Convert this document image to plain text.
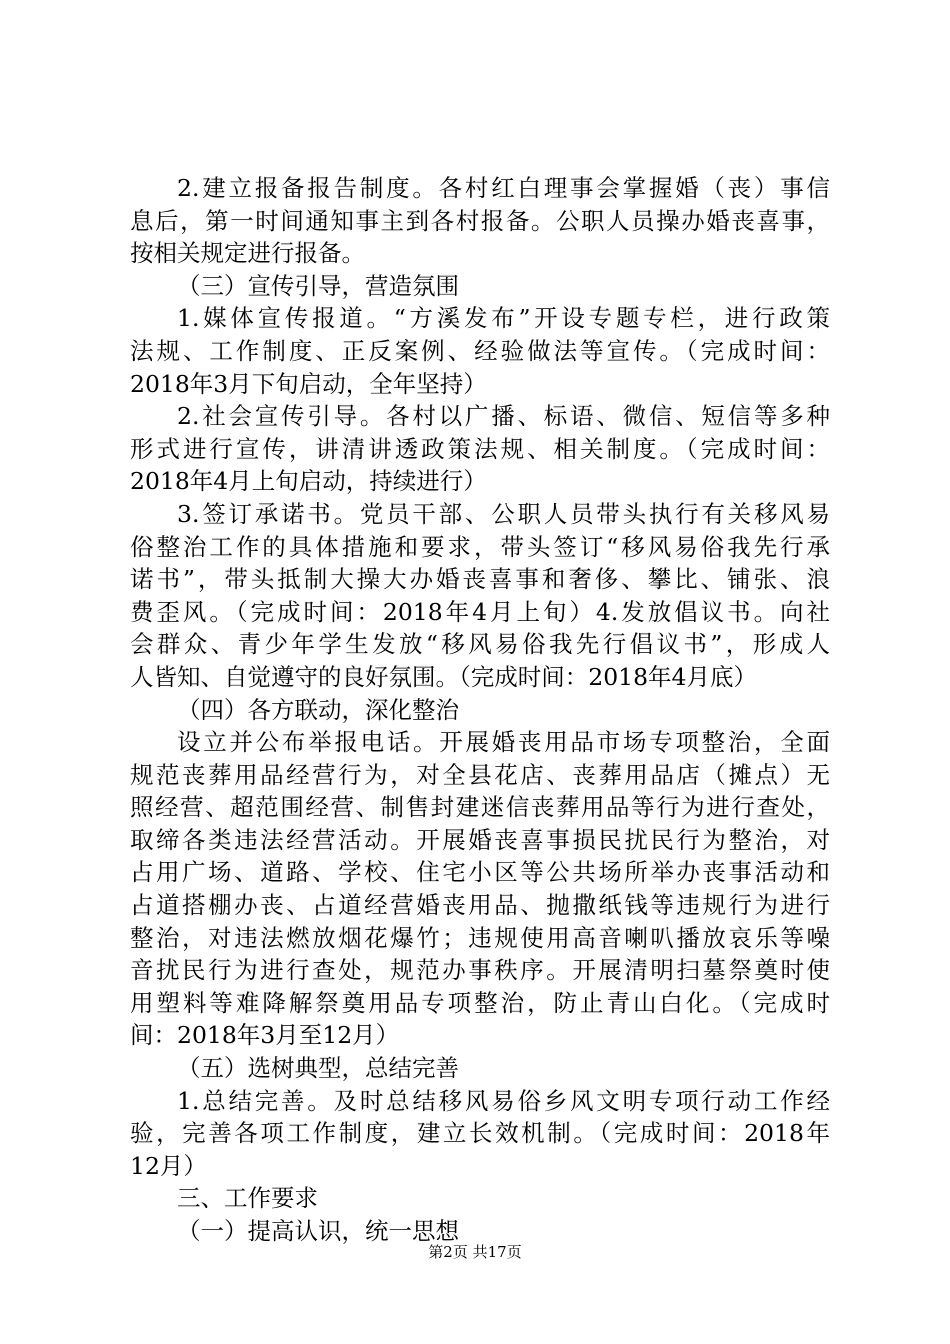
2.建立报备报告制度。各村红白理事会掌握婚（丧）事信
息后，第一时间通知事主到各村报备。公职人员操办婚丧喜事，
按相关规定进行报备。
（三）宣传引导，营造氛围
1.媒体宣传报道。“方溪发布”开设专题专栏，进行政策
法规、工作制度、正反案例、经验做法等宣传。（完成时间：
2018年3月下旬启动，全年坚持）
2.社会宣传引导。各村以广播、标语、微信、短信等多种
形式进行宣传，讲清讲透政策法规、相关制度。（完成时间：
2018年4月上旬启动，持续进行）
3.签订承诺书。党员干部、公职人员带头执行有关移风易
俗整治工作的具体措施和要求，带头签订“移风易俗我先行承
诺书”，带头抵制大操大办婚丧喜事和奢侈、攀比、铺张、浪
费歪风。（完成时间：2018年4月上旬）4.发放倡议书。向社
会群众、青少年学生发放“移风易俗我先行倡议书”，形成人
人皆知、自觉遵守的良好氛围。（完成时间：2018年4月底）
（四）各方联动，深化整治
设立并公布举报电话。开展婚丧用品市场专项整治，全面
规范丧葬用品经营行为，对全县花店、丧葬用品店（摊点）无
照经营、超范围经营、制售封建迷信丧葬用品等行为进行查处，
取缔各类违法经营活动。开展婚丧喜事损民扰民行为整治，对
占用广场、道路、学校、住宅小区等公共场所举办丧事活动和
占道搭棚办丧、占道经营婚丧用品、抛撒纸钱等违规行为进行
整治，对违法燃放烟花爆竹；违规使用高音喇叭播放哀乐等噪
音扰民行为进行查处，规范办事秩序。开展清明扫墓祭奠时使
用塑料等难降解祭奠用品专项整治，防止青山白化。（完成时
间：2018年3月至12月）
（五）选树典型，总结完善
1.总结完善。及时总结移风易俗乡风文明专项行动工作经
验，完善各项工作制度，建立长效机制。（完成时间：2018年
12月）
三、工作要求
（一）提高认识，统一思想
第2页 共17页
